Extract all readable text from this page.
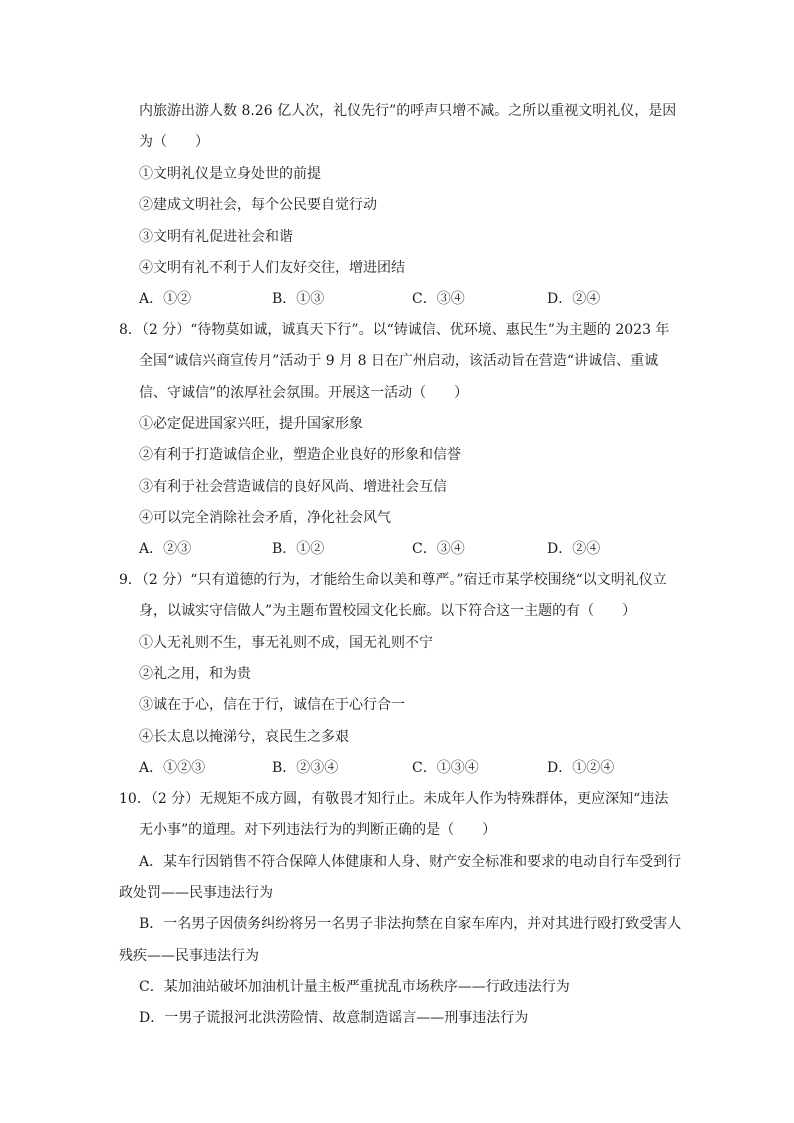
内旅游出游人数 8.26 亿人次，礼仪先行”的呼声只增不减。之所以重视文明礼仪，是因
为（　　）
①文明礼仪是立身处世的前提
②建成文明社会，每个公民要自觉行动
③文明有礼促进社会和谐
④文明有礼不利于人们友好交往，增进团结
A．①②	B．①③	C．③④	D．②④
8．（2 分）“待物莫如诚，诚真天下行”。以“铸诚信、优环境、惠民生”为主题的 2023 年
全国“诚信兴商宣传月”活动于 9 月 8 日在广州启动，该活动旨在营造“讲诚信、重诚
信、守诚信”的浓厚社会氛围。开展这一活动（　　）
①必定促进国家兴旺，提升国家形象
②有利于打造诚信企业，塑造企业良好的形象和信誉
③有利于社会营造诚信的良好风尚、增进社会互信
④可以完全消除社会矛盾，净化社会风气
A．②③	B．①②	C．③④	D．②④
9．（2 分）“只有道德的行为，才能给生命以美和尊严。”宿迁市某学校围绕“以文明礼仪立
身，以诚实守信做人”为主题布置校园文化长廊。以下符合这一主题的有（　　）
①人无礼则不生，事无礼则不成，国无礼则不宁
②礼之用，和为贵
③诚在于心，信在于行，诚信在于心行合一
④长太息以掩涕兮，哀民生之多艰
A．①②③	B．②③④	C．①③④	D．①②④
10．（2 分）无规矩不成方圆，有敬畏才知行止。未成年人作为特殊群体，更应深知“违法
无小事”的道理。对下列违法行为的判断正确的是（　　）
A．某车行因销售不符合保障人体健康和人身、财产安全标准和要求的电动自行车受到行
政处罚——民事违法行为
B．一名男子因债务纠纷将另一名男子非法拘禁在自家车库内，并对其进行殴打致受害人
残疾——民事违法行为
C．某加油站破坏加油机计量主板严重扰乱市场秩序——行政违法行为
D．一男子谎报河北洪涝险情、故意制造谣言——刑事违法行为
